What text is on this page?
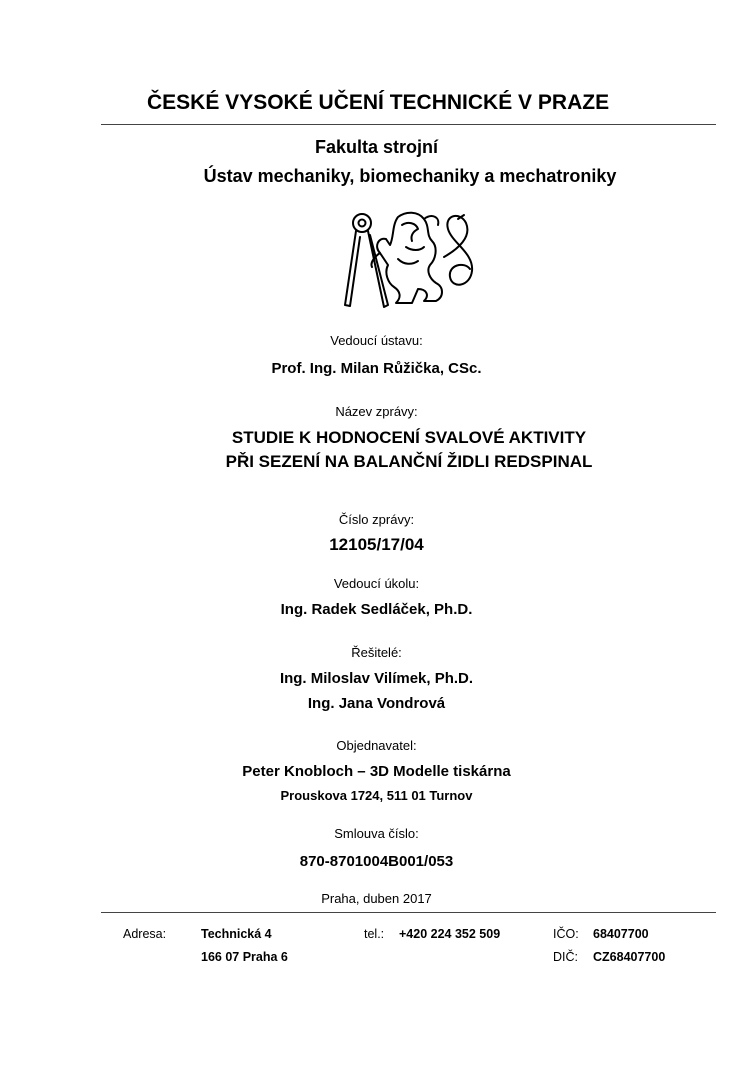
ČESKÉ VYSOKÉ UČENÍ TECHNICKÉ V PRAZE
Fakulta strojní
Ústav mechaniky, biomechaniky a mechatroniky
Vedoucí ústavu:
Prof. Ing. Milan Růžička, CSc.
Název zprávy:
STUDIE K HODNOCENÍ SVALOVÉ AKTIVITY
PŘI SEZENÍ NA BALANČNÍ ŽIDLI REDSPINAL
Číslo zprávy:
12105/17/04
Vedoucí úkolu:
Ing. Radek Sedláček, Ph.D.
Řešitelé:
Ing. Miloslav Vilímek, Ph.D.
Ing. Jana Vondrová
Objednavatel:
Peter Knobloch – 3D Modelle tiskárna
Prouskova 1724, 511 01 Turnov
Smlouva číslo:
870-8701004B001/053
Praha, duben 2017
Adresa:	Technická 4
166 07 Praha 6
tel.: +420 224 352 509	IČO: 68407700
DIČ: CZ68407700
